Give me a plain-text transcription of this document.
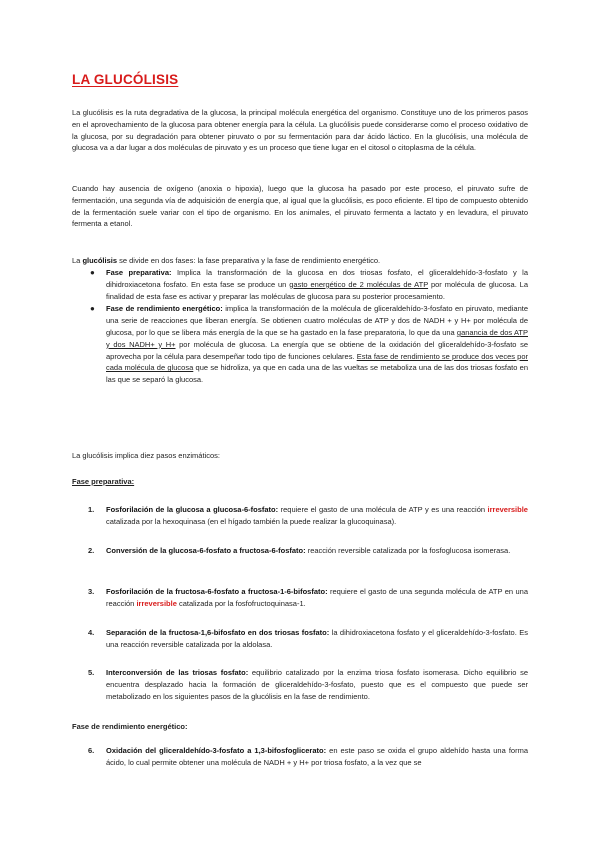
LA GLUCÓLISIS

La glucólisis es la ruta degradativa de la glucosa, la principal molécula energética del organismo. Constituye uno de los primeros pasos en el aprovechamiento de la glucosa para obtener energía para la célula. La glucólisis puede considerarse como el proceso oxidativo de la glucosa, por su degradación para obtener piruvato o por su fermentación para dar ácido láctico. En la glucólisis, una molécula de glucosa va a dar lugar a dos moléculas de piruvato y es un proceso que tiene lugar en el citosol o citoplasma de la célula.

Cuando hay ausencia de oxígeno (anoxia o hipoxia), luego que la glucosa ha pasado por este proceso, el piruvato sufre de fermentación, una segunda vía de adquisición de energía que, al igual que la glucólisis, es poco eficiente. El tipo de compuesto obtenido de la fermentación suele variar con el tipo de organismo. En los animales, el piruvato fermenta a lactato y en levadura, el piruvato fermenta a etanol.

La glucólisis se divide en dos fases: la fase preparativa y la fase de rendimiento energético.

● Fase preparativa: Implica la transformación de la glucosa en dos triosas fosfato, el gliceraldehído-3-fosfato y la dihidroxiacetona fosfato. En esta fase se produce un gasto energético de 2 moléculas de ATP por molécula de glucosa. La finalidad de esta fase es activar y preparar las moléculas de glucosa para su posterior procesamiento.
● Fase de rendimiento energético: implica la transformación de la molécula de gliceraldehído-3-fosfato en piruvato, mediante una serie de reacciones que liberan energía. Se obtienen cuatro moléculas de ATP y dos de NADH + y H+ por molécula de glucosa, por lo que se libera más energía de la que se ha gastado en la fase preparatoria, lo que da una ganancia de dos ATP y dos NADH+ y H+ por molécula de glucosa. La energía que se obtiene de la oxidación del gliceraldehído-3-fosfato se aprovecha por la célula para desempeñar todo tipo de funciones celulares. Esta fase de rendimiento se produce dos veces por cada molécula de glucosa que se hidroliza, ya que en cada una de las vueltas se metaboliza una de las dos triosas fosfato en las que se separó la glucosa.

La glucólisis implica diez pasos enzimáticos:

Fase preparativa:

1. Fosforilación de la glucosa a glucosa-6-fosfato: requiere el gasto de una molécula de ATP y es una reacción irreversible catalizada por la hexoquinasa (en el hígado también la puede realizar la glucoquinasa).
2. Conversión de la glucosa-6-fosfato a fructosa-6-fosfato: reacción reversible catalizada por la fosfoglucosa isomerasa.
3. Fosforilación de la fructosa-6-fosfato a fructosa-1-6-bifosfato: requiere el gasto de una segunda molécula de ATP en una reacción irreversible catalizada por la fosfofructoquinasa-1.
4. Separación de la fructosa-1,6-bifosfato en dos triosas fosfato: la dihidroxiacetona fosfato y el gliceraldehído-3-fosfato. Es una reacción reversible catalizada por la aldolasa.
5. Interconversión de las triosas fosfato: equilibrio catalizado por la enzima triosa fosfato isomerasa. Dicho equilibrio se encuentra desplazado hacia la formación de gliceraldehído-3-fosfato, puesto que es el compuesto que puede ser metabolizado en los siguientes pasos de la glucólisis en la fase de rendimiento.

Fase de rendimiento energético:

6. Oxidación del gliceraldehído-3-fosfato a 1,3-bifosfoglicerato: en este paso se oxida el grupo aldehído hasta una forma ácido, lo cual permite obtener una molécula de NADH + y H+ por triosa fosfato, a la vez que se
